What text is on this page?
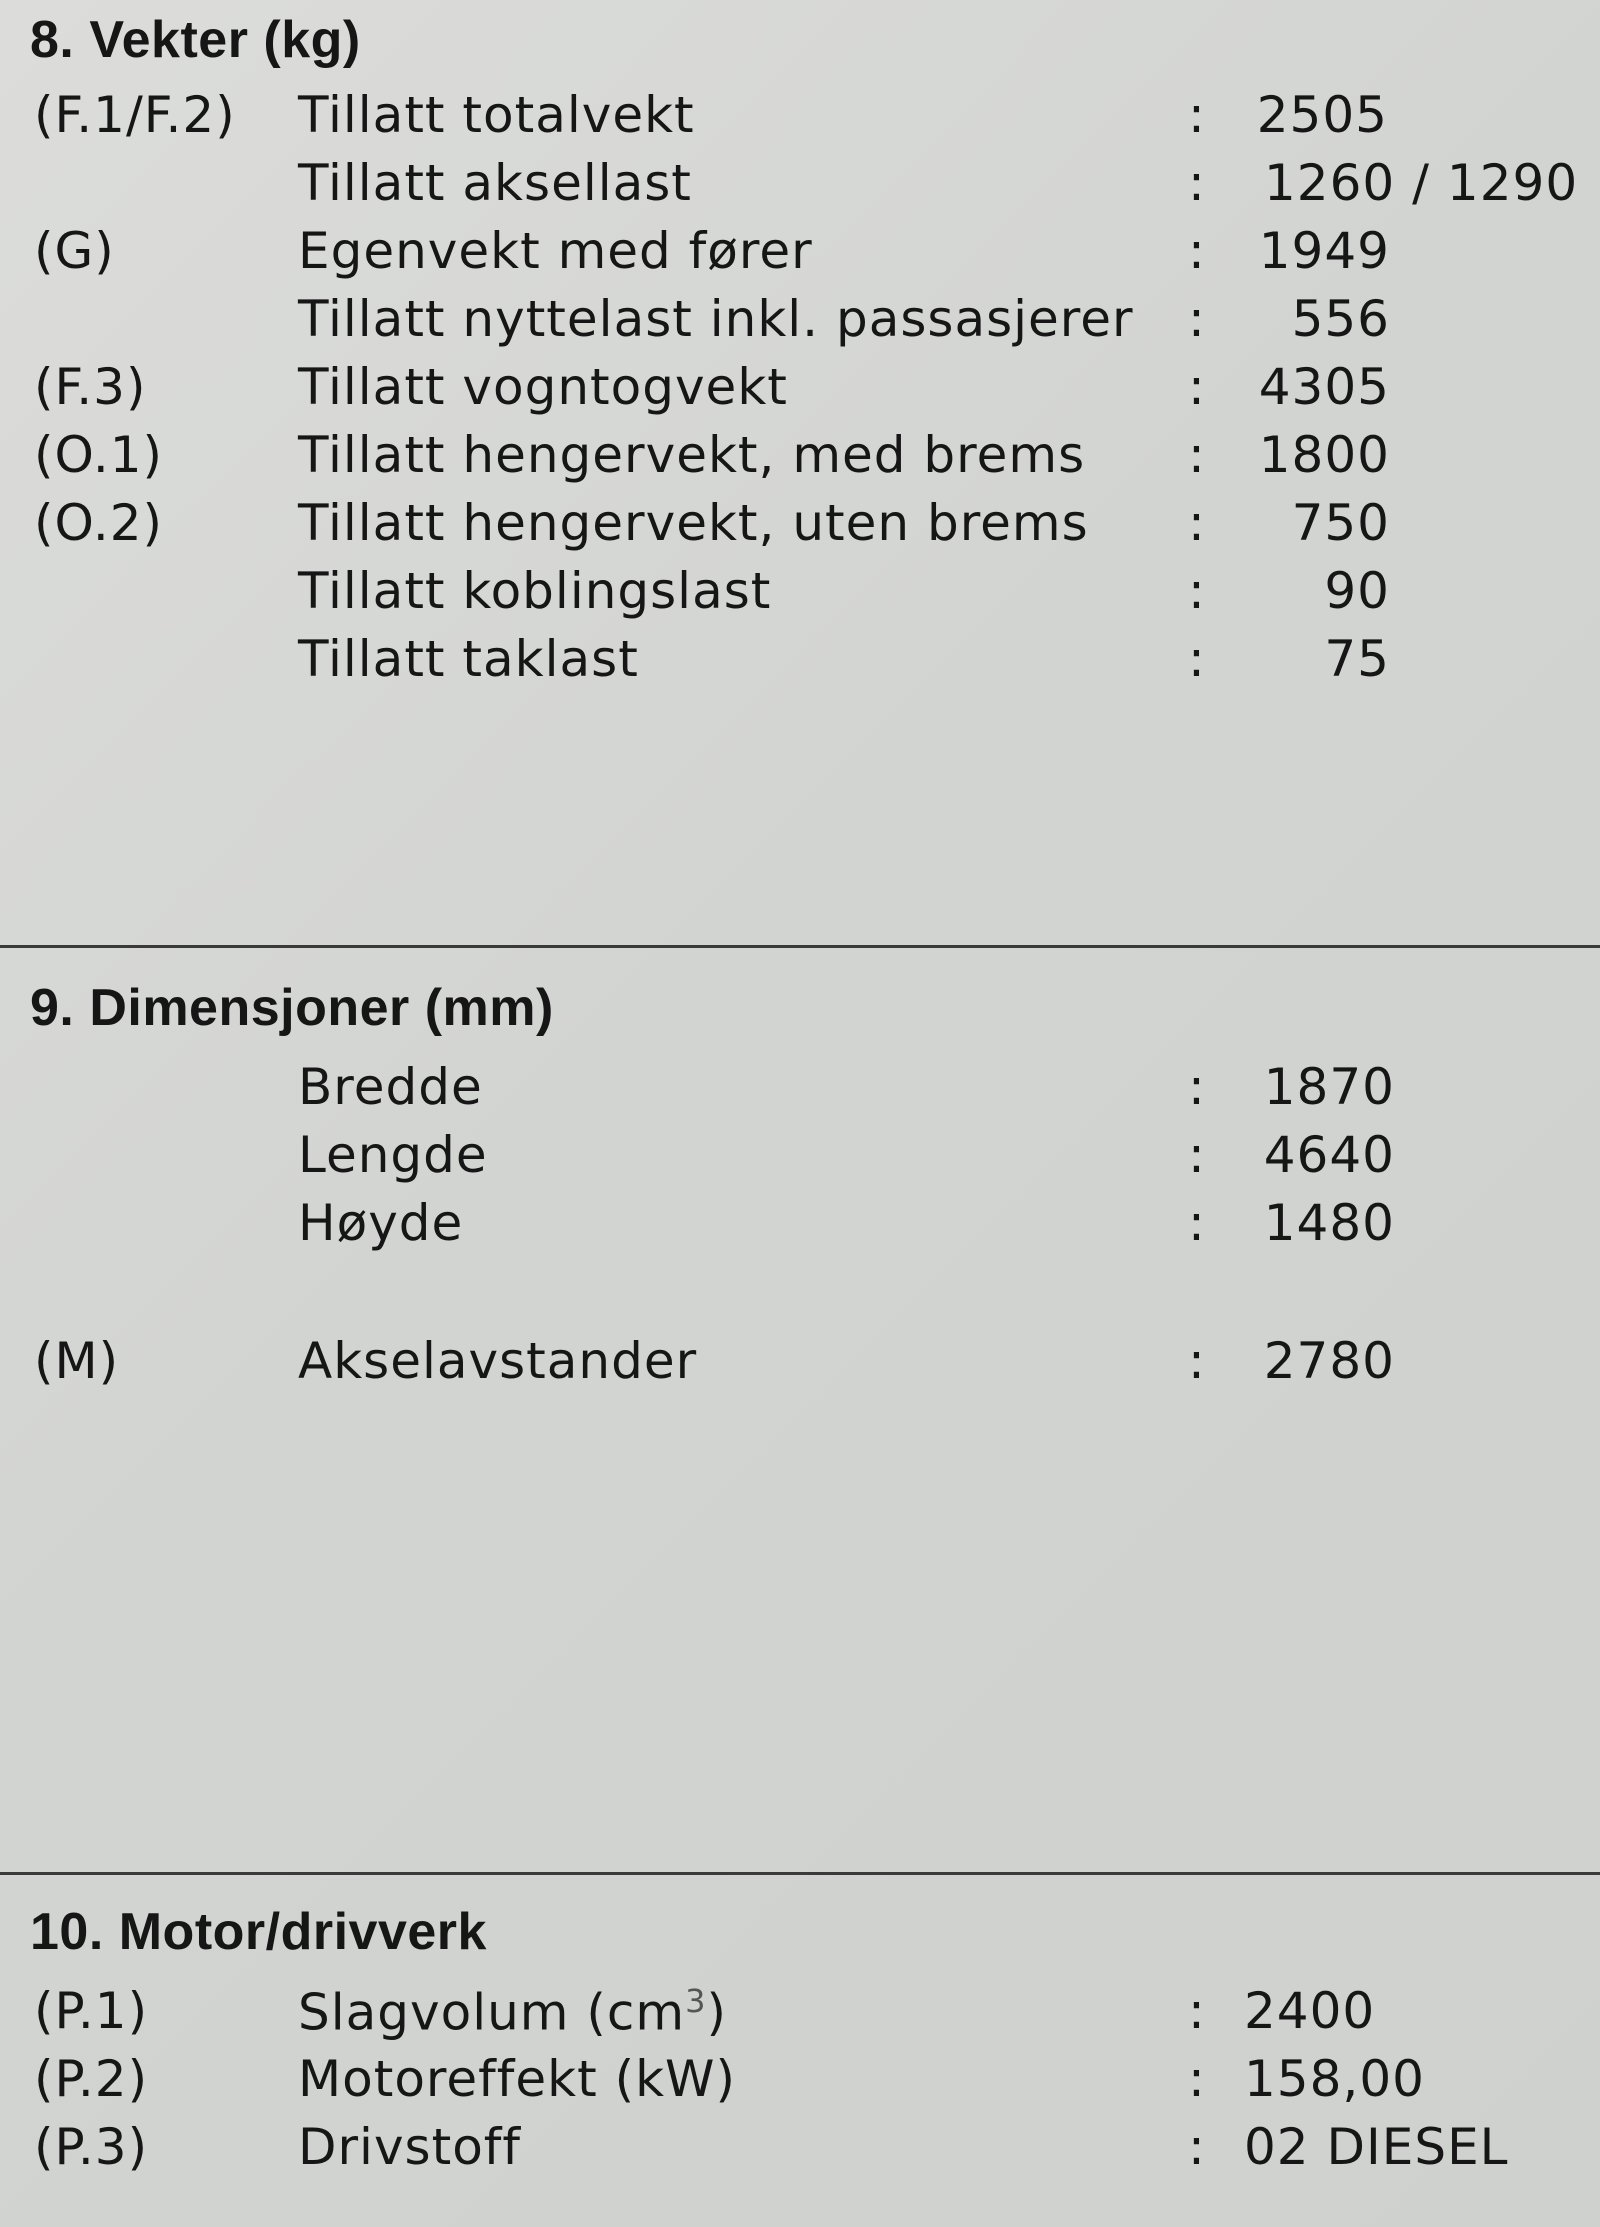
8. Vekter (kg)
(F.1/F.2) Tillatt totalvekt	: 2505
Tillatt aksellast	: 1260 / 1290
(G)	Egenvekt med fører	: 1949
Tillatt nyttelast inkl. passasjerer : 556
(F.3)	Tillatt vogntogvekt	: 4305
(O.1)	Tillatt hengervekt, med brems : 1800
(O.2)	Tillatt hengervekt, uten brems : 750
Tillatt koblingslast	: 90
Tillatt taklast	: 75
9. Dimensjoner (mm)
Bredde	: 1870
Lengde	: 4640
Høyde	: 1480
(M)	Akselavstander	: 2780
10. Motor/drivverk
(P.1)	Slagvolum $(cm^3)$	: 2400
(P.2)	Motoreffekt (kW)	: 158,00
(P.3)	Drivstoff	: 02 DIESEL
